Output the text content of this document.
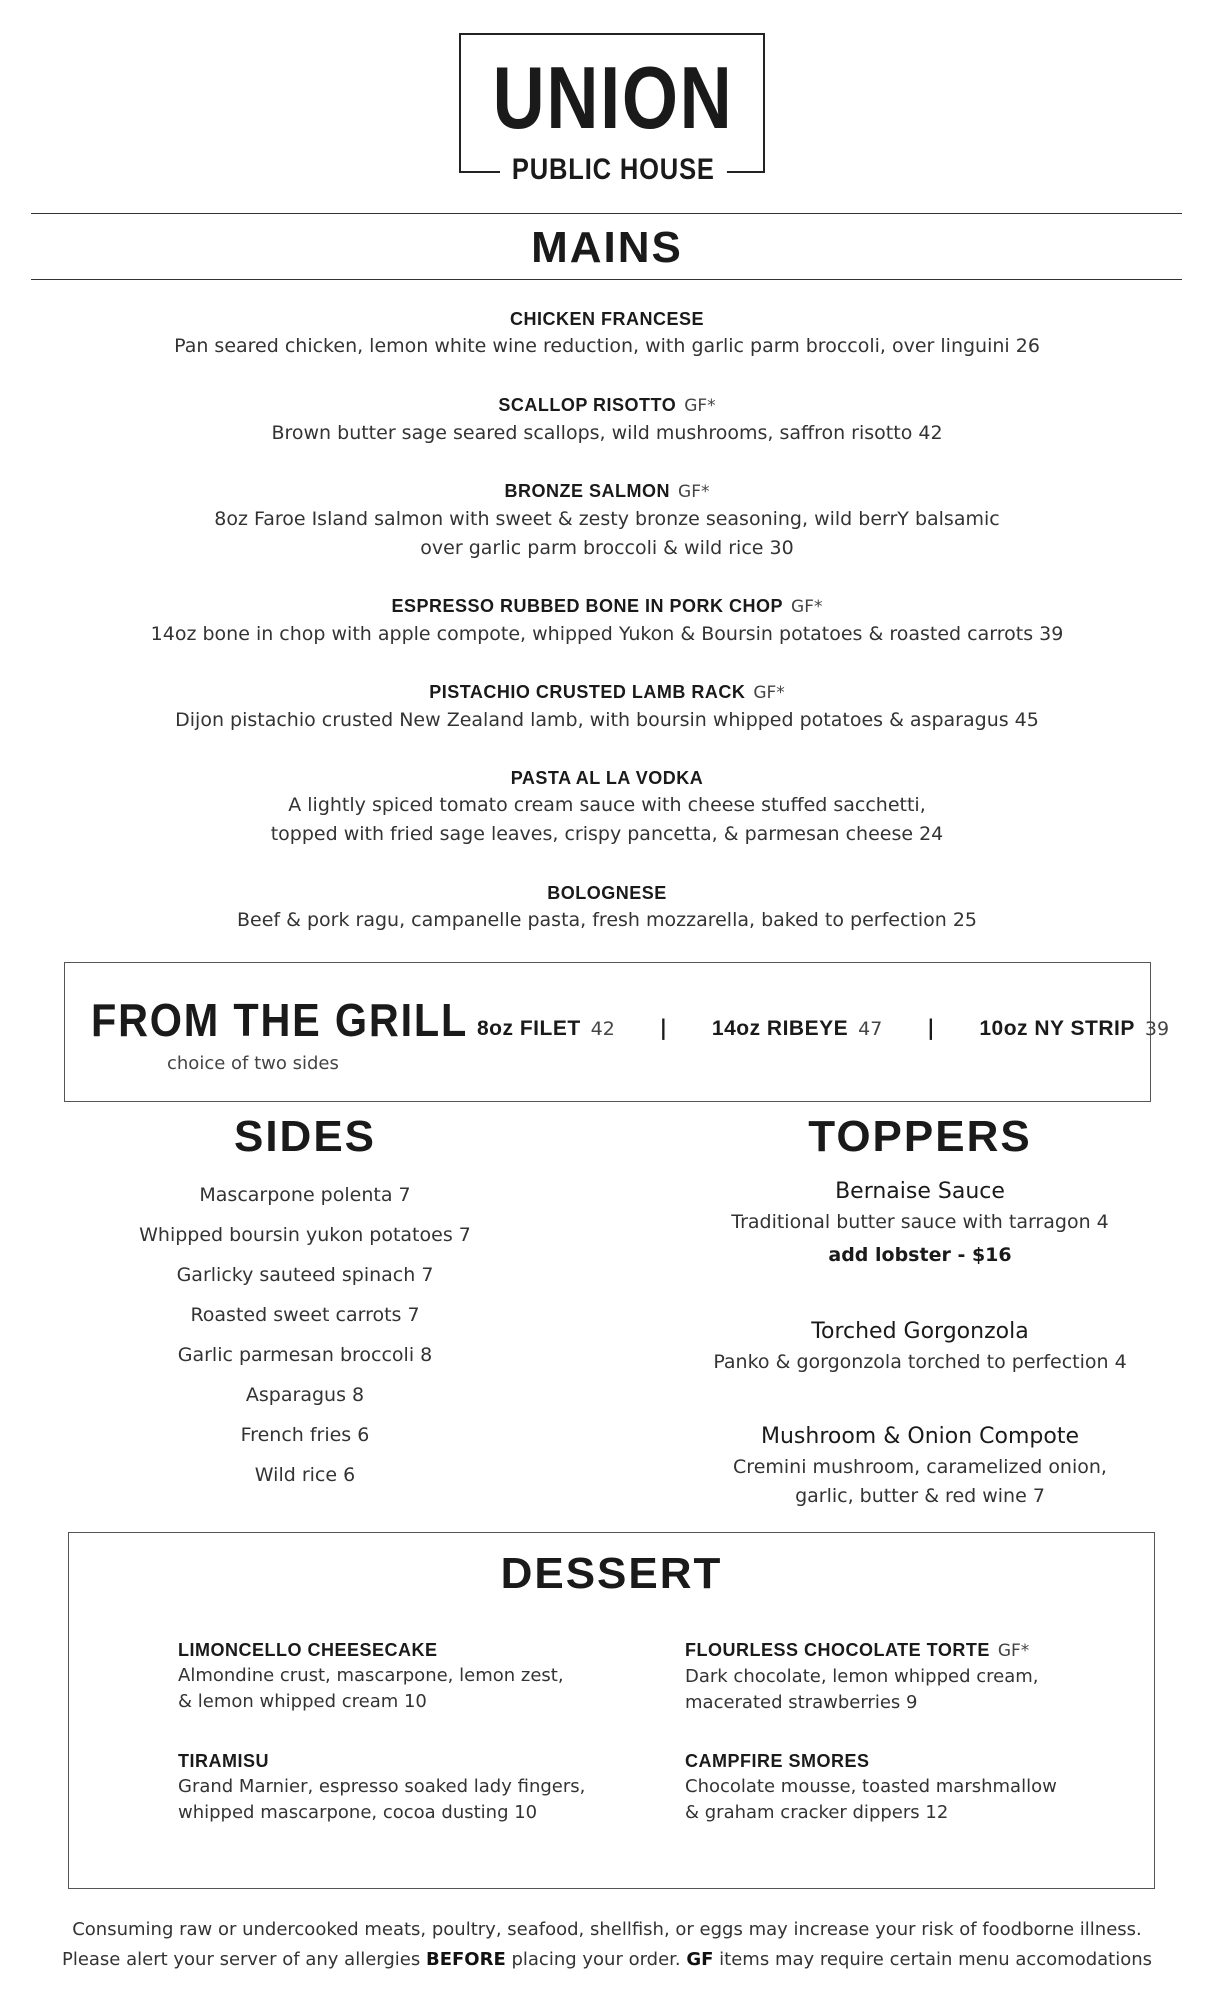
UNION
PUBLIC HOUSE
MAINS
CHICKEN FRANCESE
Pan seared chicken, lemon white wine reduction, with garlic parm broccoli, over linguini 26
SCALLOP RISOTTO GF*
Brown butter sage seared scallops, wild mushrooms, saffron risotto 42
BRONZE SALMON GF*
8oz Faroe Island salmon with sweet & zesty bronze seasoning, wild berrY balsamic
over garlic parm broccoli & wild rice 30
ESPRESSO RUBBED BONE IN PORK CHOP GF*
14oz bone in chop with apple compote, whipped Yukon & Boursin potatoes & roasted carrots 39
PISTACHIO CRUSTED LAMB RACK GF*
Dijon pistachio crusted New Zealand lamb, with boursin whipped potatoes & asparagus 45
PASTA AL LA VODKA
A lightly spiced tomato cream sauce with cheese stuffed sacchetti,
topped with fried sage leaves, crispy pancetta, & parmesan cheese 24
BOLOGNESE
Beef & pork ragu, campanelle pasta, fresh mozzarella, baked to perfection 25
FROM THE GRILL
choice of two sides
8oz FILET 42 | 14oz RIBEYE 47 | 10oz NY STRIP 39
SIDES
Mascarpone polenta 7
Whipped boursin yukon potatoes 7
Garlicky sauteed spinach 7
Roasted sweet carrots 7
Garlic parmesan broccoli 8
Asparagus 8
French fries 6
Wild rice 6
TOPPERS
Bernaise Sauce
Traditional butter sauce with tarragon 4
add lobster - $16
Torched Gorgonzola
Panko & gorgonzola torched to perfection 4
Mushroom & Onion Compote
Cremini mushroom, caramelized onion,
garlic, butter & red wine 7
DESSERT
LIMONCELLO CHEESECAKE
Almondine crust, mascarpone, lemon zest,
& lemon whipped cream 10
FLOURLESS CHOCOLATE TORTE GF*
Dark chocolate, lemon whipped cream,
macerated strawberries 9
TIRAMISU
Grand Marnier, espresso soaked lady fingers,
whipped mascarpone, cocoa dusting 10
CAMPFIRE SMORES
Chocolate mousse, toasted marshmallow
& graham cracker dippers 12
Consuming raw or undercooked meats, poultry, seafood, shellfish, or eggs may increase your risk of foodborne illness.
Please alert your server of any allergies BEFORE placing your order. GF items may require certain menu accomodations
